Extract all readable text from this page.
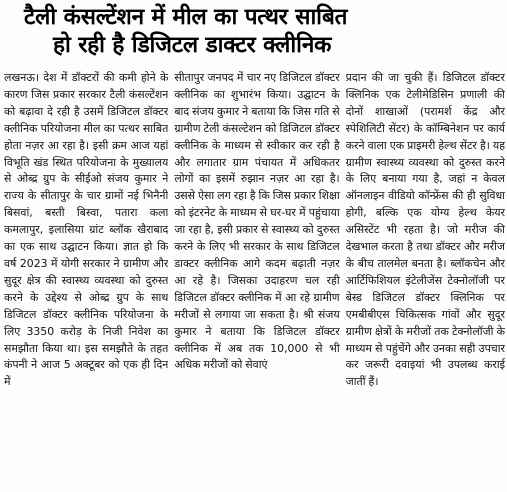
टैली कंसल्टेंशन में मील का पत्थर साबित
हो रही है डिजिटल डाक्टर क्लीनिक

लखनऊ। देश में डॉक्टरों की कमी होने के कारण जिस प्रकार सरकार टैली कंसल्टेंशन को बढ़ावा दे रही है उसमें डिजिटल डॉक्टर क्लीनिक परियोजना मील का पत्थर साबित होता नज़र आ रहा है। इसी क्रम आज यहां विभूति खंड स्थित परियोजना के मुख्यालय से ओब्द्र ग्रुप के सीईओ संजय कुमार ने राज्य के सीतापुर के चार ग्रामों नई भिनैनी बिसवां, बस्ती बिस्वा, पतारा कला कमलापुर, इलासिया ग्रांट ब्लॉक खैराबाद का एक साथ उद्घाटन किया। ज्ञात हो कि वर्ष 2023 में योगी सरकार ने ग्रामीण और सुदूर क्षेत्र की स्वास्थ्य व्यवस्था को दुरुस्त करने के उद्देश्य से ओब्द्र ग्रुप के साथ डिजिटल डॉक्टर क्लीनिक परियोजना के लिए 3350 करोड़ के निजी निवेश का समझौता किया था। इस समझौते के तहत कंपनी ने आज 5 अक्टूबर को एक ही दिन में

सीतापुर जनपद में चार नए डिजिटल डॉक्टर क्लीनिक का शुभारंभ किया। उद्घाटन के बाद संजय कुमार ने बताया कि जिस गति से ग्रामीण टेली कंसल्टेशन को डिजिटल डॉक्टर क्लीनिक के माध्यम से स्वीकार कर रही है और लगातार ग्राम पंचायत में अधिकतर लोगों का इसमें रुझान नज़र आ रहा है। उससे ऐसा लग रहा है कि जिस प्रकार शिक्षा को इंटरनेट के माध्यम से घर-घर में पहुंचाया जा रहा है, इसी प्रकार से स्वास्थ्य को दुरुस्त करने के लिए भी सरकार के साथ डिजिटल डाक्टर क्लीनिक आगे कदम बढ़ाती नज़र आ रहे है। जिसका उदाहरण चल रही डिजिटल डॉक्टर क्लीनिक में आ रहे ग्रामीण मरीजों से लगाया जा सकता है। श्री संजय कुमार ने बताया कि डिजिटल डॉक्टर क्लीनिक में अब तक 10,000 से भी अधिक मरीजों को सेवाएं

प्रदान की जा चुकी हैं। डिजिटल डॉक्टर क्लिनिक एक टेलीमेडिसिन प्रणाली की दोनों शाखाओं (परामर्श केंद्र और स्पेशिलिटी सेंटर) के कॉम्बिनेशन पर कार्य करने वाला एक प्राइमरी हेल्थ सेंटर है। यह ग्रामीण स्वास्थ्य व्यवस्था को दुरुस्त करने के लिए बनाया गया है, जहां न केवल ऑनलाइन वीडियो कॉन्फ्रेंस की ही सुविधा होगी, बल्कि एक योग्य हेल्थ केयर असिस्टेंट भी रहता है। जो मरीज की देखभाल करता है तथा डॉक्टर और मरीज के बीच तालमेल बनता है। ब्लॉकचेन और आर्टिफिशियल इंटेलीजेंस टेक्नोलॉजी पर बेस्ड डिजिटल डॉक्टर क्लिनिक पर एमबीबीएस चिकित्सक गांवों और सुदूर ग्रामीण क्षेत्रों के मरीजों तक टेक्नोलॉजी के माध्यम से पहुंचेंगे और उनका सही उपचार कर जरूरी दवाइयां भी उपलब्ध कराई जातीं हैं।
